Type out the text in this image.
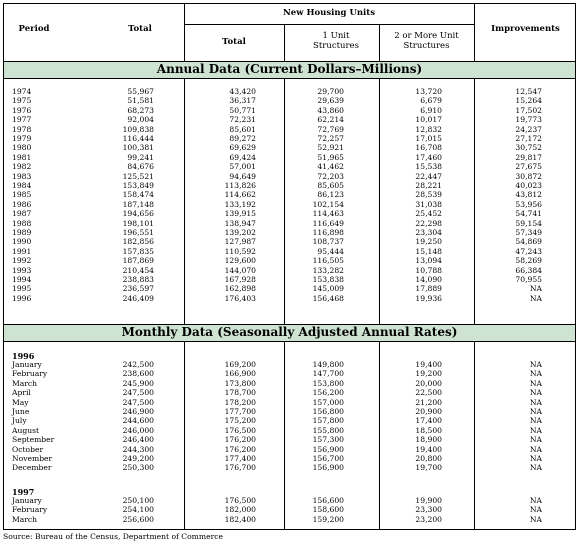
Period	Total
New Housing Units
Total
1 Unit Structures
2 or More Unit Structures
Improvements
Annual Data (Current Dollars–Millions)
1974	55,967	43,420	29,700	13,720	12,547
1975	51,581	36,317	29,639	6,679	15,264
1976	68,273	50,771	43,860	6,910	17,502
1977	92,004	72,231	62,214	10,017	19,773
1978	109,838	85,601	72,769	12,832	24,237
1979	116,444	89,272	72,257	17,015	27,172
1980	100,381	69,629	52,921	16,708	30,752
1981	99,241	69,424	51,965	17,460	29,817
1982	84,676	57,001	41,462	15,538	27,675
1983	125,521	94,649	72,203	22,447	30,872
1984	153,849	113,826	85,605	28,221	40,023
1985	158,474	114,662	86,123	28,539	43,812
1986	187,148	133,192	102,154	31,038	53,956
1987	194,656	139,915	114,463	25,452	54,741
1988	198,101	138,947	116,649	22,298	59,154
1989	196,551	139,202	116,898	23,304	57,349
1990	182,856	127,987	108,737	19,250	54,869
1991	157,835	110,592	95,444	15,148	47,243
1992	187,869	129,600	116,505	13,094	58,269
1993	210,454	144,070	133,282	10,788	66,384
1994	238,883	167,928	153,838	14,090	70,955
1995	236,597	162,898	145,009	17,889	NA
1996	246,409	176,403	156,468	19,936	NA
Monthly Data (Seasonally Adjusted Annual Rates)
1996
January	242,500	169,200	149,800	19,400	NA
February	238,600	166,900	147,700	19,200	NA
March	245,900	173,800	153,800	20,000	NA
April	247,500	178,700	156,200	22,500	NA
May	247,500	178,200	157,000	21,200	NA
June	246,900	177,700	156,800	20,900	NA
July	244,600	175,200	157,800	17,400	NA
August	246,000	176,500	155,800	18,500	NA
September	246,400	176,200	157,300	18,900	NA
October	244,300	176,200	156,900	19,400	NA
November	249,200	177,400	156,700	20,800	NA
December	250,300	176,700	156,900	19,700	NA
1997
January	250,100	176,500	156,600	19,900	NA
February	254,100	182,000	158,600	23,300	NA
March	256,600	182,400	159,200	23,200	NA
Source: Bureau of the Census, Department of Commerce
